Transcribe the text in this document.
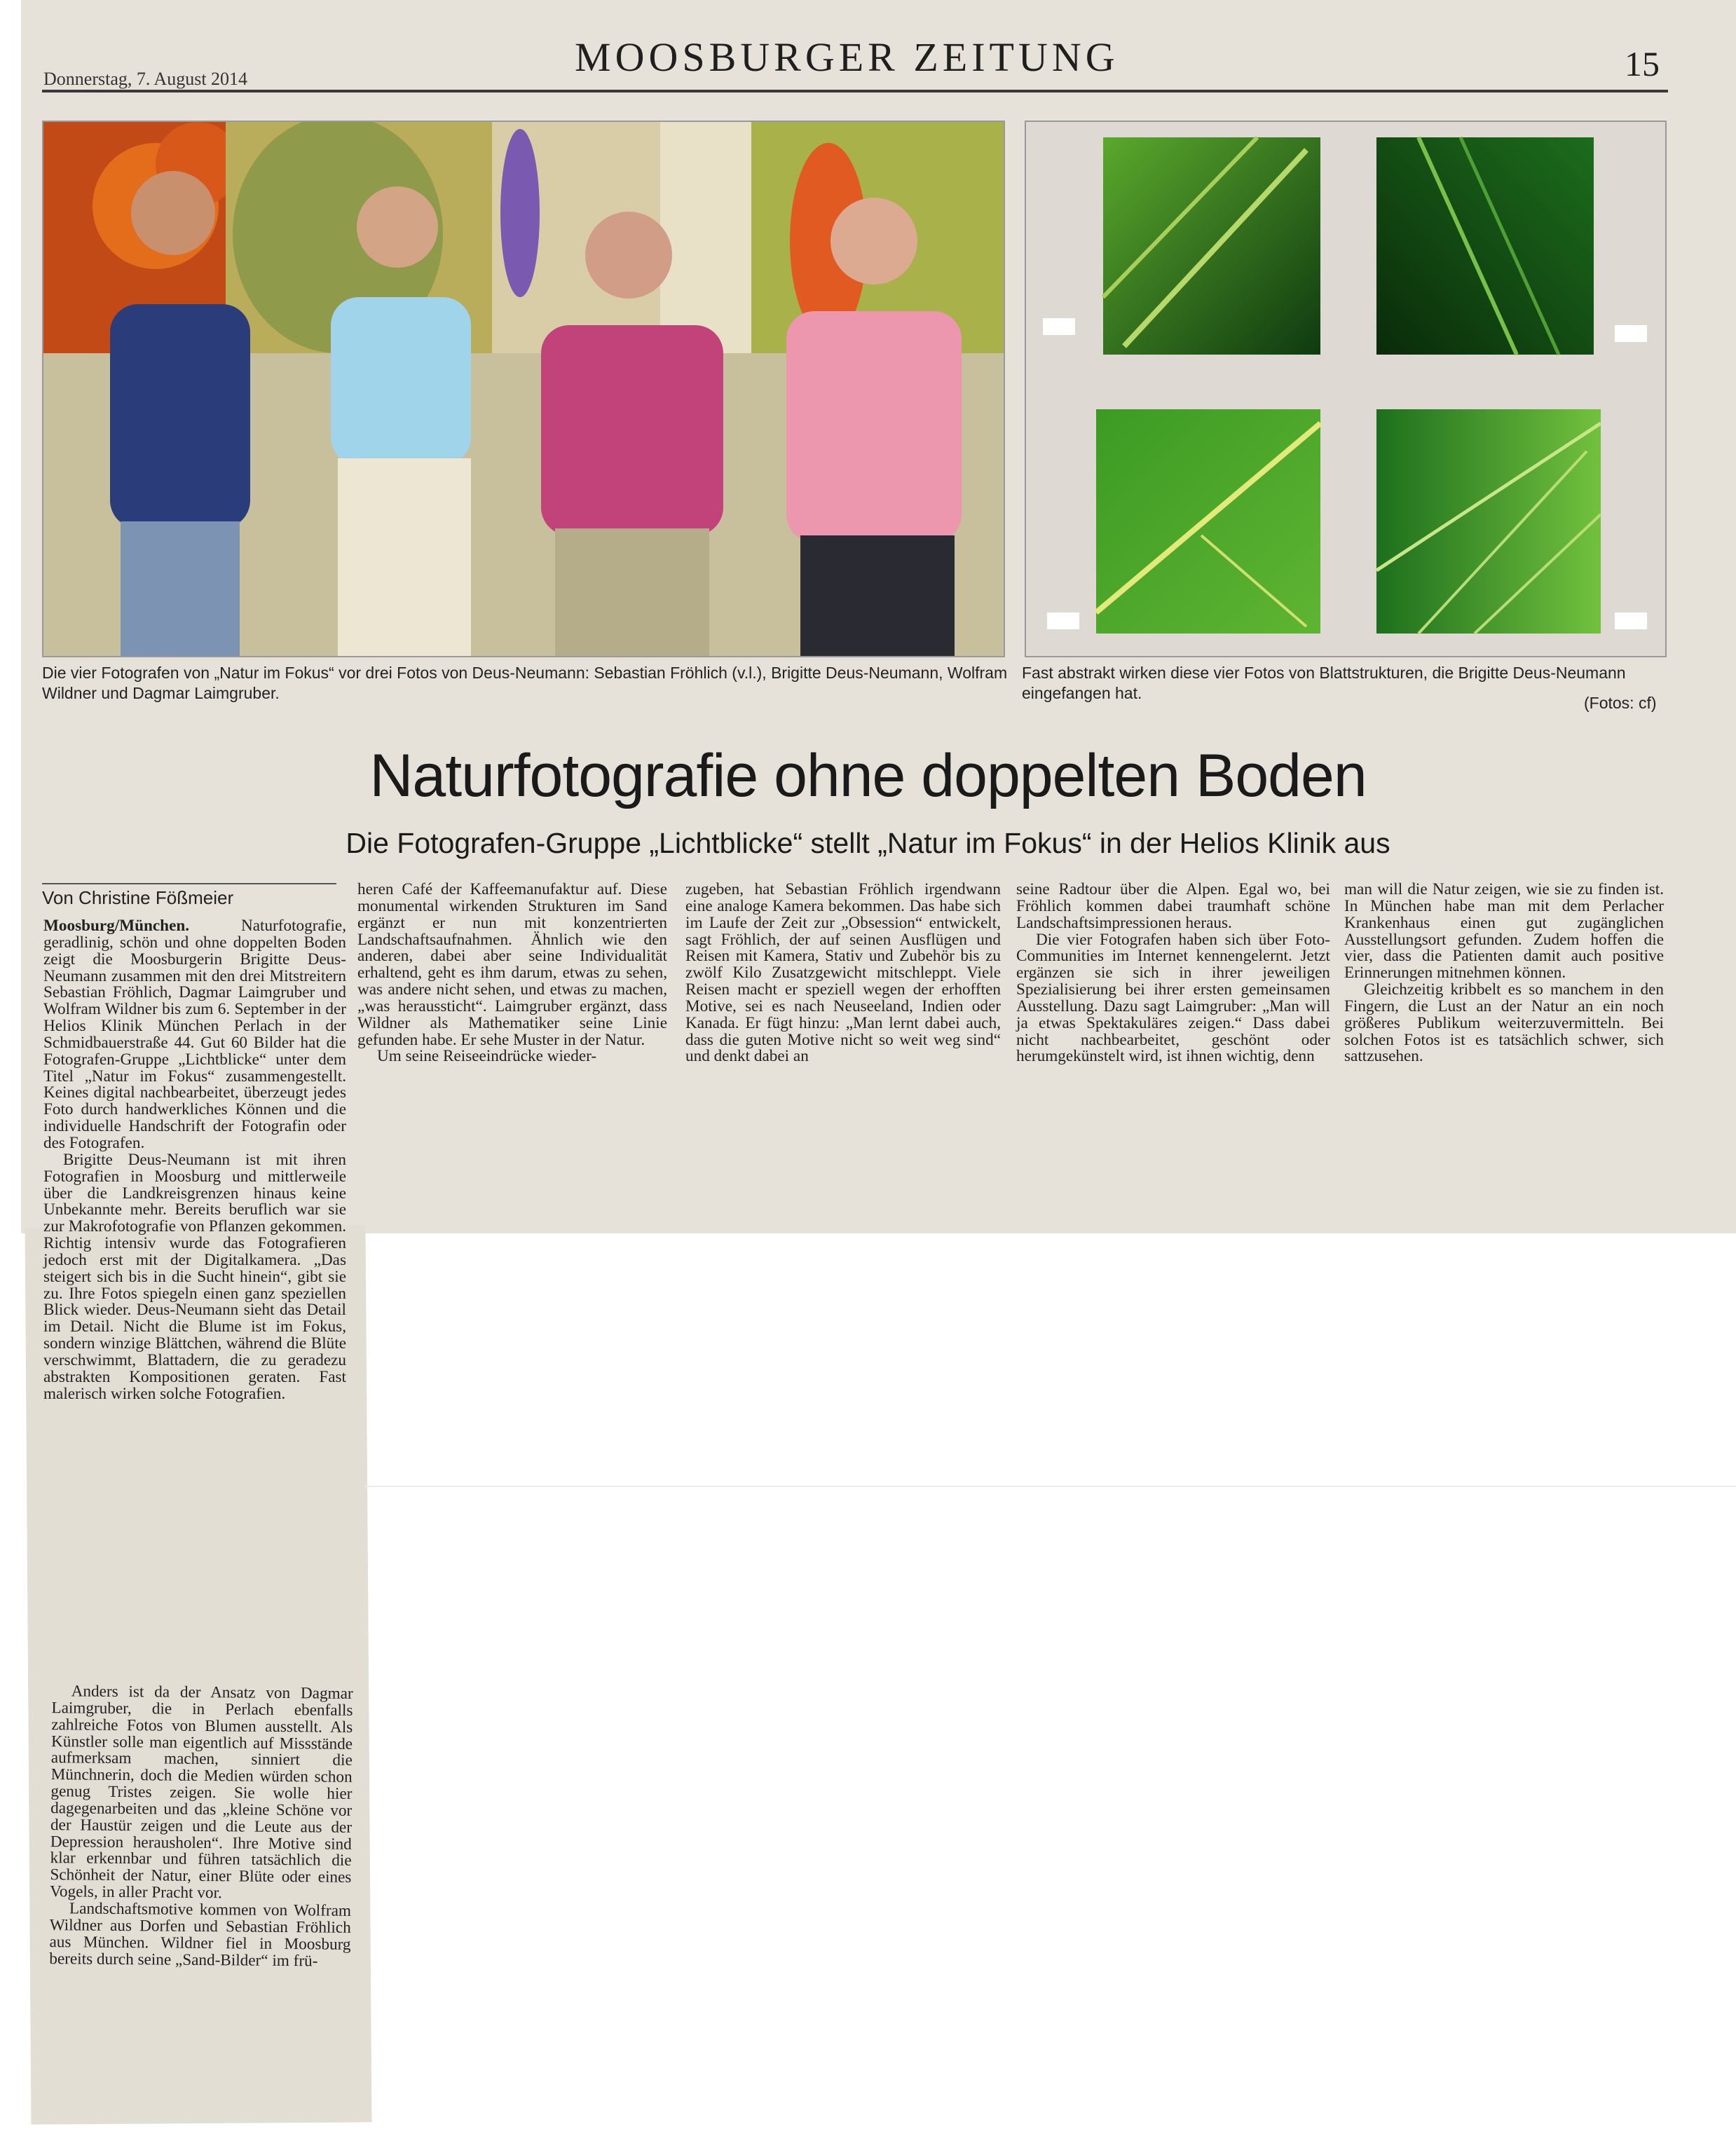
Donnerstag, 7. August 2014	MOOSBURGER ZEITUNG	15
Die vier Fotografen von „Natur im Fokus“ vor drei Fotos von Deus-Neumann: Sebastian Fröhlich (v.l.), Brigitte Deus-Neumann, Wolfram Wildner und Dagmar Laimgruber.
Fast abstrakt wirken diese vier Fotos von Blattstrukturen, die Brigitte Deus-Neumann eingefangen hat.
(Fotos: cf)
Naturfotografie ohne doppelten Boden
Die Fotografen-Gruppe „Lichtblicke“ stellt „Natur im Fokus“ in der Helios Klinik aus
Von Christine Fößmeier

Moosburg/München.	Naturfotografie, geradlinig, schön und ohne doppelten Boden zeigt die Moosburgerin Brigitte Deus-Neumann zusammen mit den drei Mitstreitern Sebastian Fröhlich, Dagmar Laimgruber und Wolfram Wildner bis zum 6. September in der Helios Klinik München Perlach in der Schmidbauerstraße 44. Gut 60 Bilder hat die Fotografen-Gruppe „Lichtblicke“ unter dem Titel „Natur im Fokus“ zusammengestellt. Keines digital nachbearbeitet, überzeugt jedes Foto durch handwerkliches Können und die individuelle Handschrift der Fotografin oder des Fotografen.

Brigitte Deus-Neumann ist mit ihren Fotografien in Moosburg und mittlerweile über die Landkreisgrenzen hinaus keine Unbekannte mehr. Bereits beruflich war sie zur Makrofotografie von Pflanzen gekommen. Richtig intensiv wurde das Fotografieren jedoch erst mit der Digitalkamera. „Das steigert sich bis in die Sucht hinein“, gibt sie zu. Ihre Fotos spiegeln einen ganz speziellen Blick wieder. Deus-Neumann sieht das Detail im Detail. Nicht die Blume ist im Fokus, sondern winzige Blättchen, während die Blüte verschwimmt, Blattadern, die zu geradezu abstrakten Kompositionen geraten. Fast malerisch wirken solche Fotografien.

Anders ist da der Ansatz von Dagmar Laimgruber, die in Perlach ebenfalls zahlreiche Fotos von Blumen ausstellt. Als Künstler solle man eigentlich auf Missstände aufmerksam machen, sinniert die Münchnerin, doch die Medien würden schon genug Tristes zeigen. Sie wolle hier dagegenarbeiten und das „kleine Schöne vor der Haustür zeigen und die Leute aus der Depression herausholen“. Ihre Motive sind klar erkennbar und führen tatsächlich die Schönheit der Natur, einer Blüte oder eines Vogels, in aller Pracht vor.

Landschaftsmotive kommen von Wolfram Wildner aus Dorfen und Sebastian Fröhlich aus München. Wildner fiel in Moosburg bereits durch seine „Sand-Bilder“ im frü-

heren Café der Kaffeemanufaktur auf. Diese monumental wirkenden Strukturen im Sand ergänzt er nun mit konzentrierten Landschaftsaufnahmen. Ähnlich wie den anderen, dabei aber seine Individualität erhaltend, geht es ihm darum, etwas zu sehen, was andere nicht sehen, und etwas zu machen, „was heraussticht“. Laimgruber ergänzt, dass Wildner als Mathematiker seine Linie gefunden habe. Er sehe Muster in der Natur.

Um seine Reiseeindrücke wieder-

zugeben, hat Sebastian Fröhlich irgendwann eine analoge Kamera bekommen. Das habe sich im Laufe der Zeit zur „Obsession“ entwickelt, sagt Fröhlich, der auf seinen Ausflügen und Reisen mit Kamera, Stativ und Zubehör bis zu zwölf Kilo Zusatzgewicht mitschleppt. Viele Reisen macht er speziell wegen der erhofften Motive, sei es nach Neuseeland, Indien oder Kanada. Er fügt hinzu: „Man lernt dabei auch, dass die guten Motive nicht so weit weg sind“ und denkt dabei an

seine Radtour über die Alpen. Egal wo, bei Fröhlich kommen dabei traumhaft schöne Landschaftsimpressionen heraus.

Die vier Fotografen haben sich über Foto-Communities im Internet kennengelernt. Jetzt ergänzen sie sich in ihrer jeweiligen Spezialisierung bei ihrer ersten gemeinsamen Ausstellung. Dazu sagt Laimgruber: „Man will ja etwas Spektakuläres zeigen.“ Dass dabei nicht nachbearbeitet, geschönt oder herumgekünstelt wird, ist ihnen wichtig, denn

man will die Natur zeigen, wie sie zu finden ist. In München habe man mit dem Perlacher Krankenhaus einen gut zugänglichen Ausstellungsort gefunden. Zudem hoffen die vier, dass die Patienten damit auch positive Erinnerungen mitnehmen können.

Gleichzeitig kribbelt es so manchem in den Fingern, die Lust an der Natur an ein noch größeres Publikum weiterzuvermitteln. Bei solchen Fotos ist es tatsächlich schwer, sich sattzusehen.
